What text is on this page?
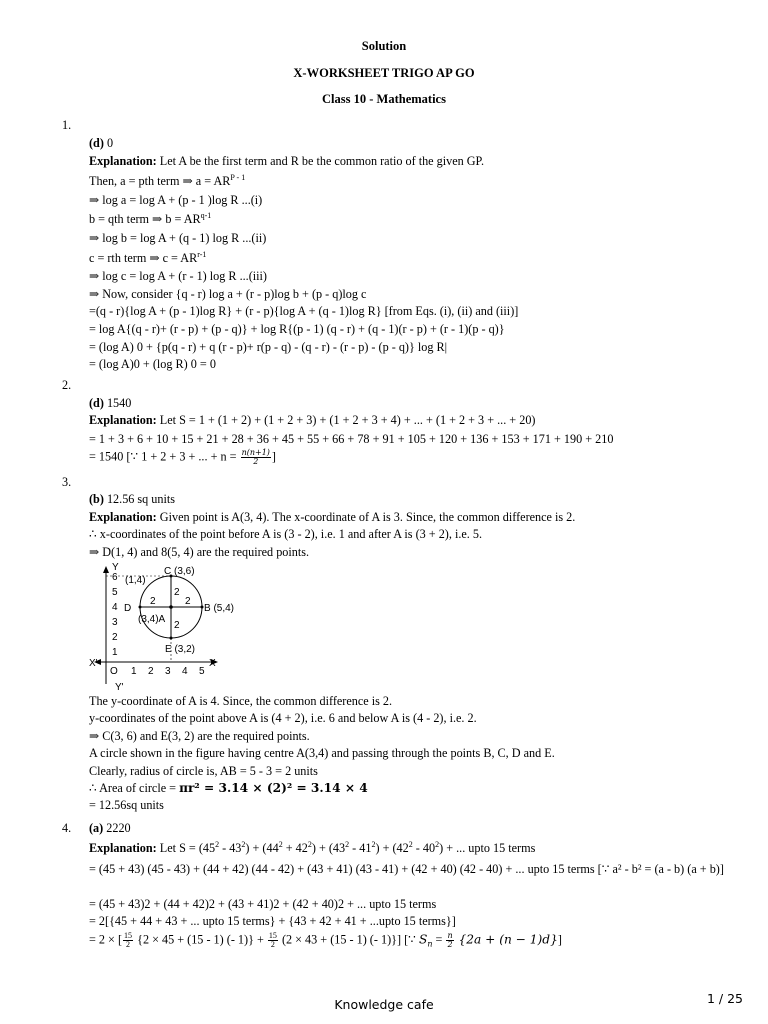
Solution
X-WORKSHEET TRIGO AP GO
Class 10 - Mathematics
1.
(d) 0
Explanation: Let A be the first term and R be the common ratio of the given GP.
Then, a = pth term ⇒ $a = AR^{P - 1}$
⇒ log a = log A + (p - 1 )log R ...(i)
b = qth term ⇒ $b = AR^{q-1}$
⇒ log b = log A + (q - 1) log R ...(ii)
c = rth term ⇒ $c = AR^{r-1}$
⇒ log c = log A + (r - 1) log R ...(iii)
⇒ Now, consider {q - r) log a + (r - p)log b + (p - q)log c
=(q - r){log A + (p - 1)log R} + (r - p){log A + (q - 1)log R} [from Eqs. (i), (ii) and (iii)]
= log A{(q - r)+ (r - p) + (p - q)} + log R{(p - 1) (q - r) + (q - 1)(r - p) + (r - 1)(p - q)}
= (log A) 0 + {p(q - r) + q (r - p)+ r(p - q) - (q - r) - (r - p) - (p - q)} log R|
= (log A)0 + (log R) 0 = 0
2.
(d) 1540
Explanation: Let S = 1 + (1 + 2) + (1 + 2 + 3) + (1 + 2 + 3 + 4) + ... + (1 + 2 + 3 + ... + 20)
= 1 + 3 + 6 + 10 + 15 + 21 + 28 + 36 + 45 + 55 + 66 + 78 + 91 + 105 + 120 + 136 + 153 + 171 + 190 + 210
= 1540 [∵ 1 + 2 + 3 + ... + $n = \frac{n(n+1)}{2}$ ]
3.
(b) 12.56 sq units
Explanation: Given point is A(3, 4). The x-coordinate of A is 3. Since, the common difference is 2.
∴ x-coordinates of the point before A is (3 - 2), i.e. 1 and after A is (3 + 2), i.e. 5.
⇒ D(1, 4) and 8(5, 4) are the required points.
Y
Y'
X
X'
O 1 2 3 4 5
1
2
3
4
5
6
C (3,6)
B (5,4)
D
(3,4)A
E (3,2)
(1,4)
2	2
2
2
The y-coordinate of A is 4. Since, the common difference is 2.
y-coordinates of the point above A is (4 + 2), i.e. 6 and below A is (4 - 2), i.e. 2.
⇒ C(3, 6) and E(3, 2) are the required points.
A circle shown in the figure having centre A(3,4) and passing through the points B, C, D and E.
Clearly, radius of circle is, AB = 5 - 3 = 2 units
∴ Area of circle = πr² = 3.14 × (2)² = 3.14 × 4
= 12.56sq units
4. (a) 2220
Explanation: Let $S = (45^2 - 43^2) + (44^2 + 42^2) + (43^2 - 41^2) + (42^2 - 40^2)$ + ... upto 15 terms
= (45 + 43) (45 - 43) + (44 + 42) (44 - 42) + (43 + 41) (43 - 41) + (42 + 40) (42 - 40) + ... upto 15 terms [∵ a² - b² = (a - b) (a + b)]
= (45 + 43)2 + (44 + 42)2 + (43 + 41)2 + (42 + 40)2 + ... upto 15 terms
= 2[{45 + 44 + 43 + ... upto 15 terms} + {43 + 42 + 41 + ...upto 15 terms}]
= 2 × [ $\frac{15}{2} \{2 \times 45 + (15 - 1)$ (- $1)\} + \frac{15}{2} (2 \times 43 + (15 - 1)$ (- 1)}] [∵ $S_n = \frac{n}{2} \{2a + (n - 1)d\}$]
Knowledge cafe	1 / 25
